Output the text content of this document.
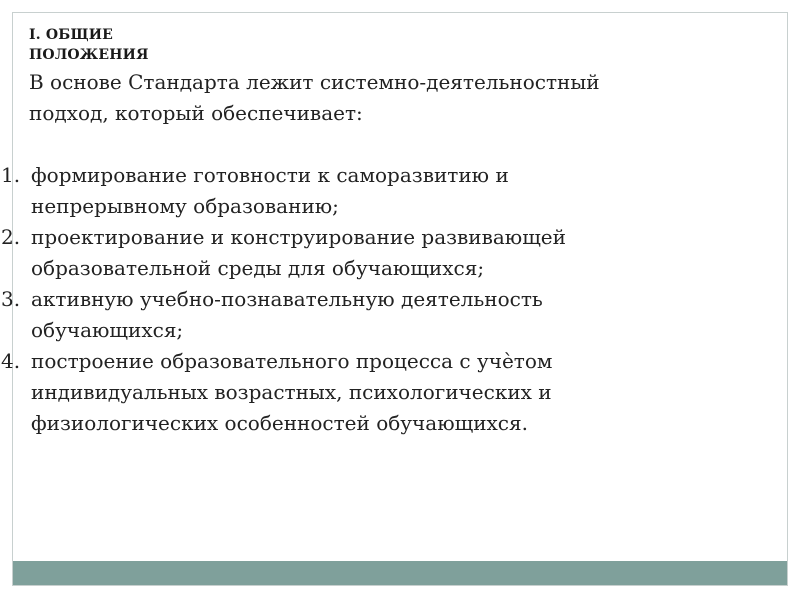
I. ОБЩИЕ
ПОЛОЖЕНИЯ

В основе Стандарта лежит системно-деятельностный
подход, который обеспечивает:

1. формирование готовности к саморазвитию и
непрерывному образованию;
2. проектирование и конструирование развивающей
образовательной среды для обучающихся;
3. активную учебно-познавательную деятельность
обучающихся;
4. построение образовательного процесса с учѐтом
индивидуальных возрастных, психологических и
физиологических особенностей обучающихся.
